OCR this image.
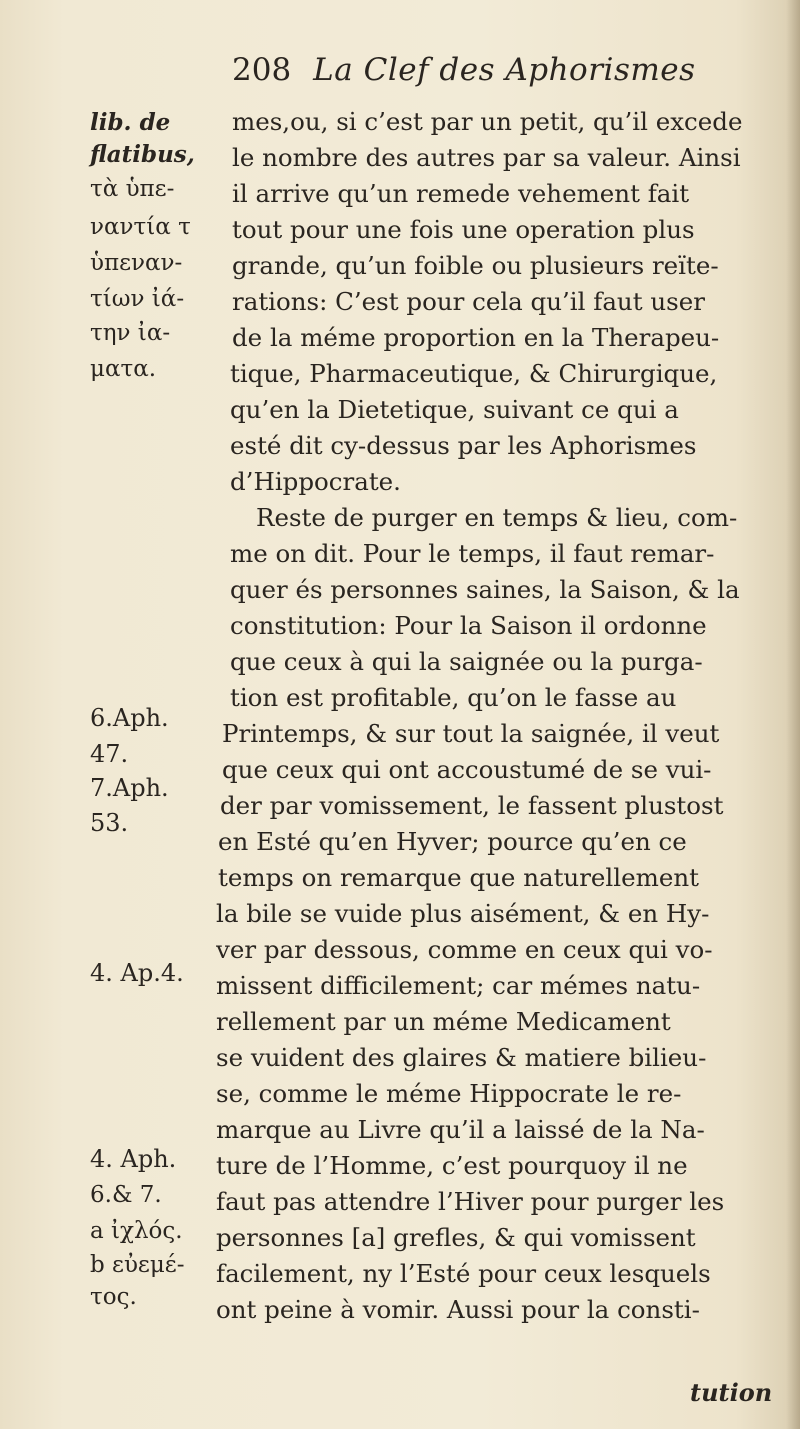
208 La Clef des Aphorismes
lib. de
flatibus,
τὰ ὑπε-
ναντία τ
ὑπεναν-
τίων ἰά-
την ἰα-
ματα.
6.Aph.
47.
7.Aph.
53.
4. Ap.4.
4. Aph.
6.& 7.
a ἰχλός.
b εὐεμέ-
τος.
mes,ou, si c’est par un petit, qu’il excede
le nombre des autres par sa valeur. Ainsi
il arrive qu’un remede vehement fait
tout pour une fois une operation plus
grande, qu’un foible ou plusieurs reïte-
rations: C’est pour cela qu’il faut user
de la méme proportion en la Therapeu-
tique, Pharmaceutique, & Chirurgique,
qu’en la Dietetique, suivant ce qui a
esté dit cy-dessus par les Aphorismes
d’Hippocrate.
Reste de purger en temps & lieu, com-
me on dit. Pour le temps, il faut remar-
quer és personnes saines, la Saison, & la
constitution: Pour la Saison il ordonne
que ceux à qui la saignée ou la purga-
tion est profitable, qu’on le fasse au
Printemps, & sur tout la saignée, il veut
que ceux qui ont accoustumé de se vui-
der par vomissement, le fassent plustost
en Esté qu’en Hyver; pource qu’en ce
temps on remarque que naturellement
la bile se vuide plus aisément, & en Hy-
ver par dessous, comme en ceux qui vo-
missent difficilement; car mémes natu-
rellement par un méme Medicament
se vuident des glaires & matiere bilieu-
se, comme le méme Hippocrate le re-
marque au Livre qu’il a laissé de la Na-
ture de l’Homme, c’est pourquoy il ne
faut pas attendre l’Hiver pour purger les
personnes [a] grefles, & qui vomissent
facilement, ny l’Esté pour ceux lesquels
ont peine à vomir. Aussi pour la consti-
tution
